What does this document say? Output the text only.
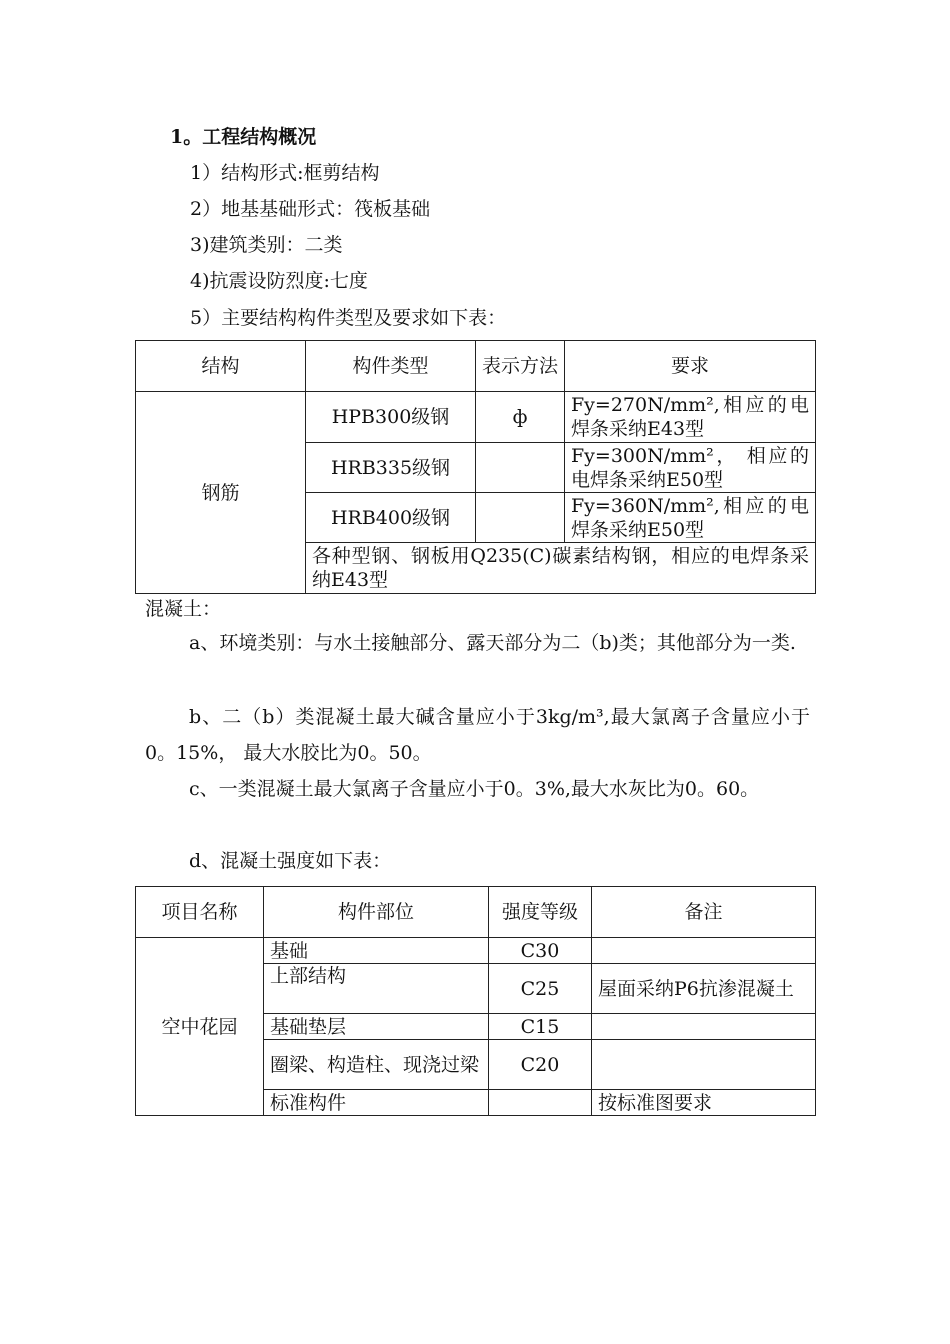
1。工程结构概况
1）结构形式:框剪结构
2）地基基础形式：筏板基础
3)建筑类别：二类
4)抗震设防烈度:七度
5）主要结构构件类型及要求如下表：
结构	构件类型	表示方法	要求
钢筋	HPB300级钢	ф	Fy=270N/mm²,相应的电焊条采纳E43型
	HRB335级钢		Fy=300N/mm²， 相应的电焊条采纳E50型
	HRB400级钢		Fy=360N/mm²,相应的电焊条采纳E50型
	各种型钢、钢板用Q235(C)碳素结构钢，相应的电焊条采纳E43型		
混凝土：

a、环境类别：与水土接触部分、露天部分为二（b)类；其他部分为一类.

b、二（b）类混凝土最大碱含量应小于3kg/m³,最大氯离子含量应小于0。15%， 最大水胶比为0。50。

c、一类混凝土最大氯离子含量应小于0。3%,最大水灰比为0。60。

d、混凝土强度如下表：

项目名称	构件部位	强度等级	备注
空中花园	基础	C30	
	上部结构	C25	屋面采纳P6抗渗混凝土
	基础垫层	C15	
	圈梁、构造柱、现浇过梁	C20	
	标准构件		按标准图要求
